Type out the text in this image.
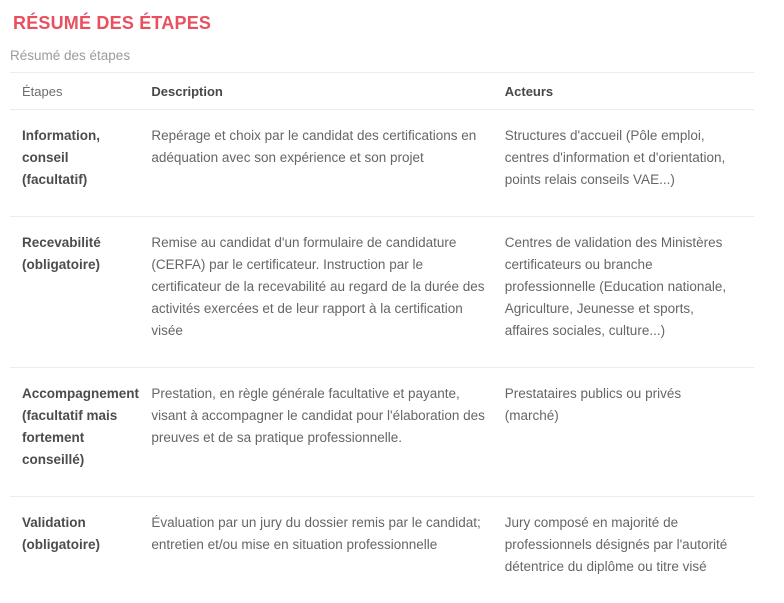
RÉSUMÉ DES ÉTAPES
Résumé des étapes
Étapes	Description	Acteurs
Information, conseil (facultatif)	Repérage et choix par le candidat des certifications en adéquation avec son expérience et son projet	Structures d'accueil (Pôle emploi, centres d'information et d'orientation, points relais conseils VAE...)
Recevabilité (obligatoire)	Remise au candidat d'un formulaire de candidature (CERFA) par le certificateur. Instruction par le certificateur de la recevabilité au regard de la durée des activités exercées et de leur rapport à la certification visée	Centres de validation des Ministères certificateurs ou branche professionnelle (Education nationale, Agriculture, Jeunesse et sports, affaires sociales, culture...)
Accompagnement (facultatif mais fortement conseillé)	Prestation, en règle générale facultative et payante, visant à accompagner le candidat pour l'élaboration des preuves et de sa pratique professionnelle.	Prestataires publics ou privés (marché)
Validation (obligatoire)	Évaluation par un jury du dossier remis par le candidat; entretien et/ou mise en situation professionnelle	Jury composé en majorité de professionnels désignés par l'autorité détentrice du diplôme ou titre visé
